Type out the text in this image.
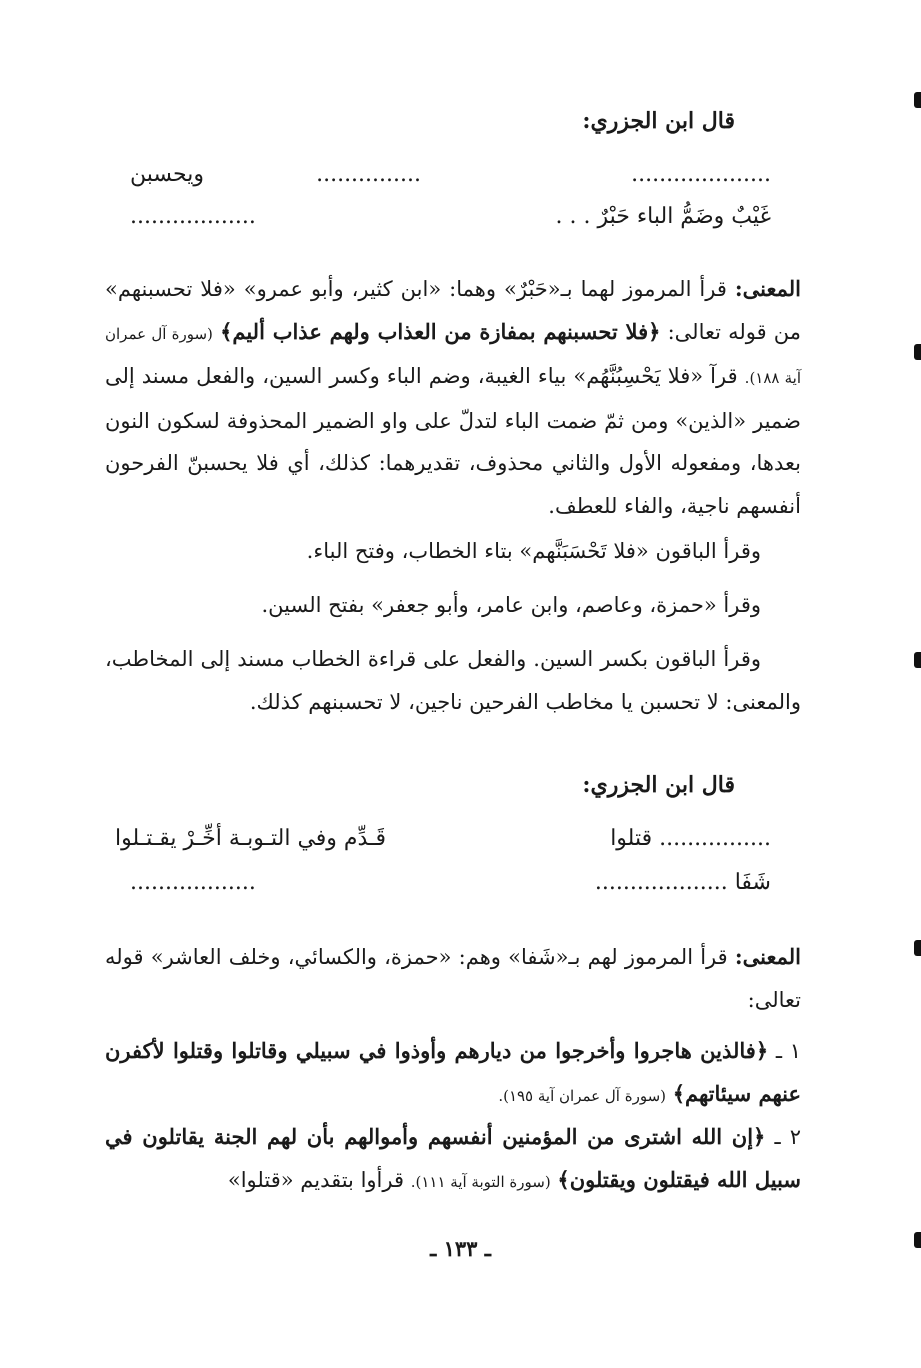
قال ابن الجزري:
....................
...............
ويحسبن
غَيْبٌ وضَمُّ الباء حَبْرٌ . . .
..................
المعنى: قرأ المرموز لهما بـ«حَبْرٌ» وهما: «ابن كثير، وأبو عمرو» «فلا تحسبنهم» من قوله تعالى: ﴿فلا تحسبنهم بمفازة من العذاب ولهم عذاب أليم﴾ (سورة آل عمران آية ١٨٨). قرآ «فلا يَحْسِبُنَّهُم» بياء الغيبة، وضم الباء وكسر السين، والفعل مسند إلى ضمير «الذين» ومن ثمّ ضمت الباء لتدلّ على واو الضمير المحذوفة لسكون النون بعدها، ومفعوله الأول والثاني محذوف، تقديرهما: كذلك، أي فلا يحسبنّ الفرحون أنفسهم ناجية، والفاء للعطف.
وقرأ الباقون «فلا تَحْسَبَنَّهم» بتاء الخطاب، وفتح الباء.
وقرأ «حمزة، وعاصم، وابن عامر، وأبو جعفر» بفتح السين.
وقرأ الباقون بكسر السين. والفعل على قراءة الخطاب مسند إلى المخاطب، والمعنى: لا تحسبن يا مخاطب الفرحين ناجين، لا تحسبنهم كذلك.
قال ابن الجزري:
................ قتلوا
قَـدِّم وفي التـوبـة أخِّـرْ يقـتـلوا
شَفَا ...................
..................
المعنى: قرأ المرموز لهم بـ«شَفا» وهم: «حمزة، والكسائي، وخلف العاشر» قوله تعالى:
١ ـ ﴿فالذين هاجروا وأخرجوا من ديارهم وأوذوا في سبيلي وقاتلوا وقتلوا لأكفرن عنهم سيئاتهم﴾ (سورة آل عمران آية ١٩٥).
٢ ـ ﴿إن الله اشترى من المؤمنين أنفسهم وأموالهم بأن لهم الجنة يقاتلون في سبيل الله فيقتلون ويقتلون﴾ (سورة التوبة آية ١١١). قرأوا بتقديم «قتلوا»
ـ ١٣٣ ـ
